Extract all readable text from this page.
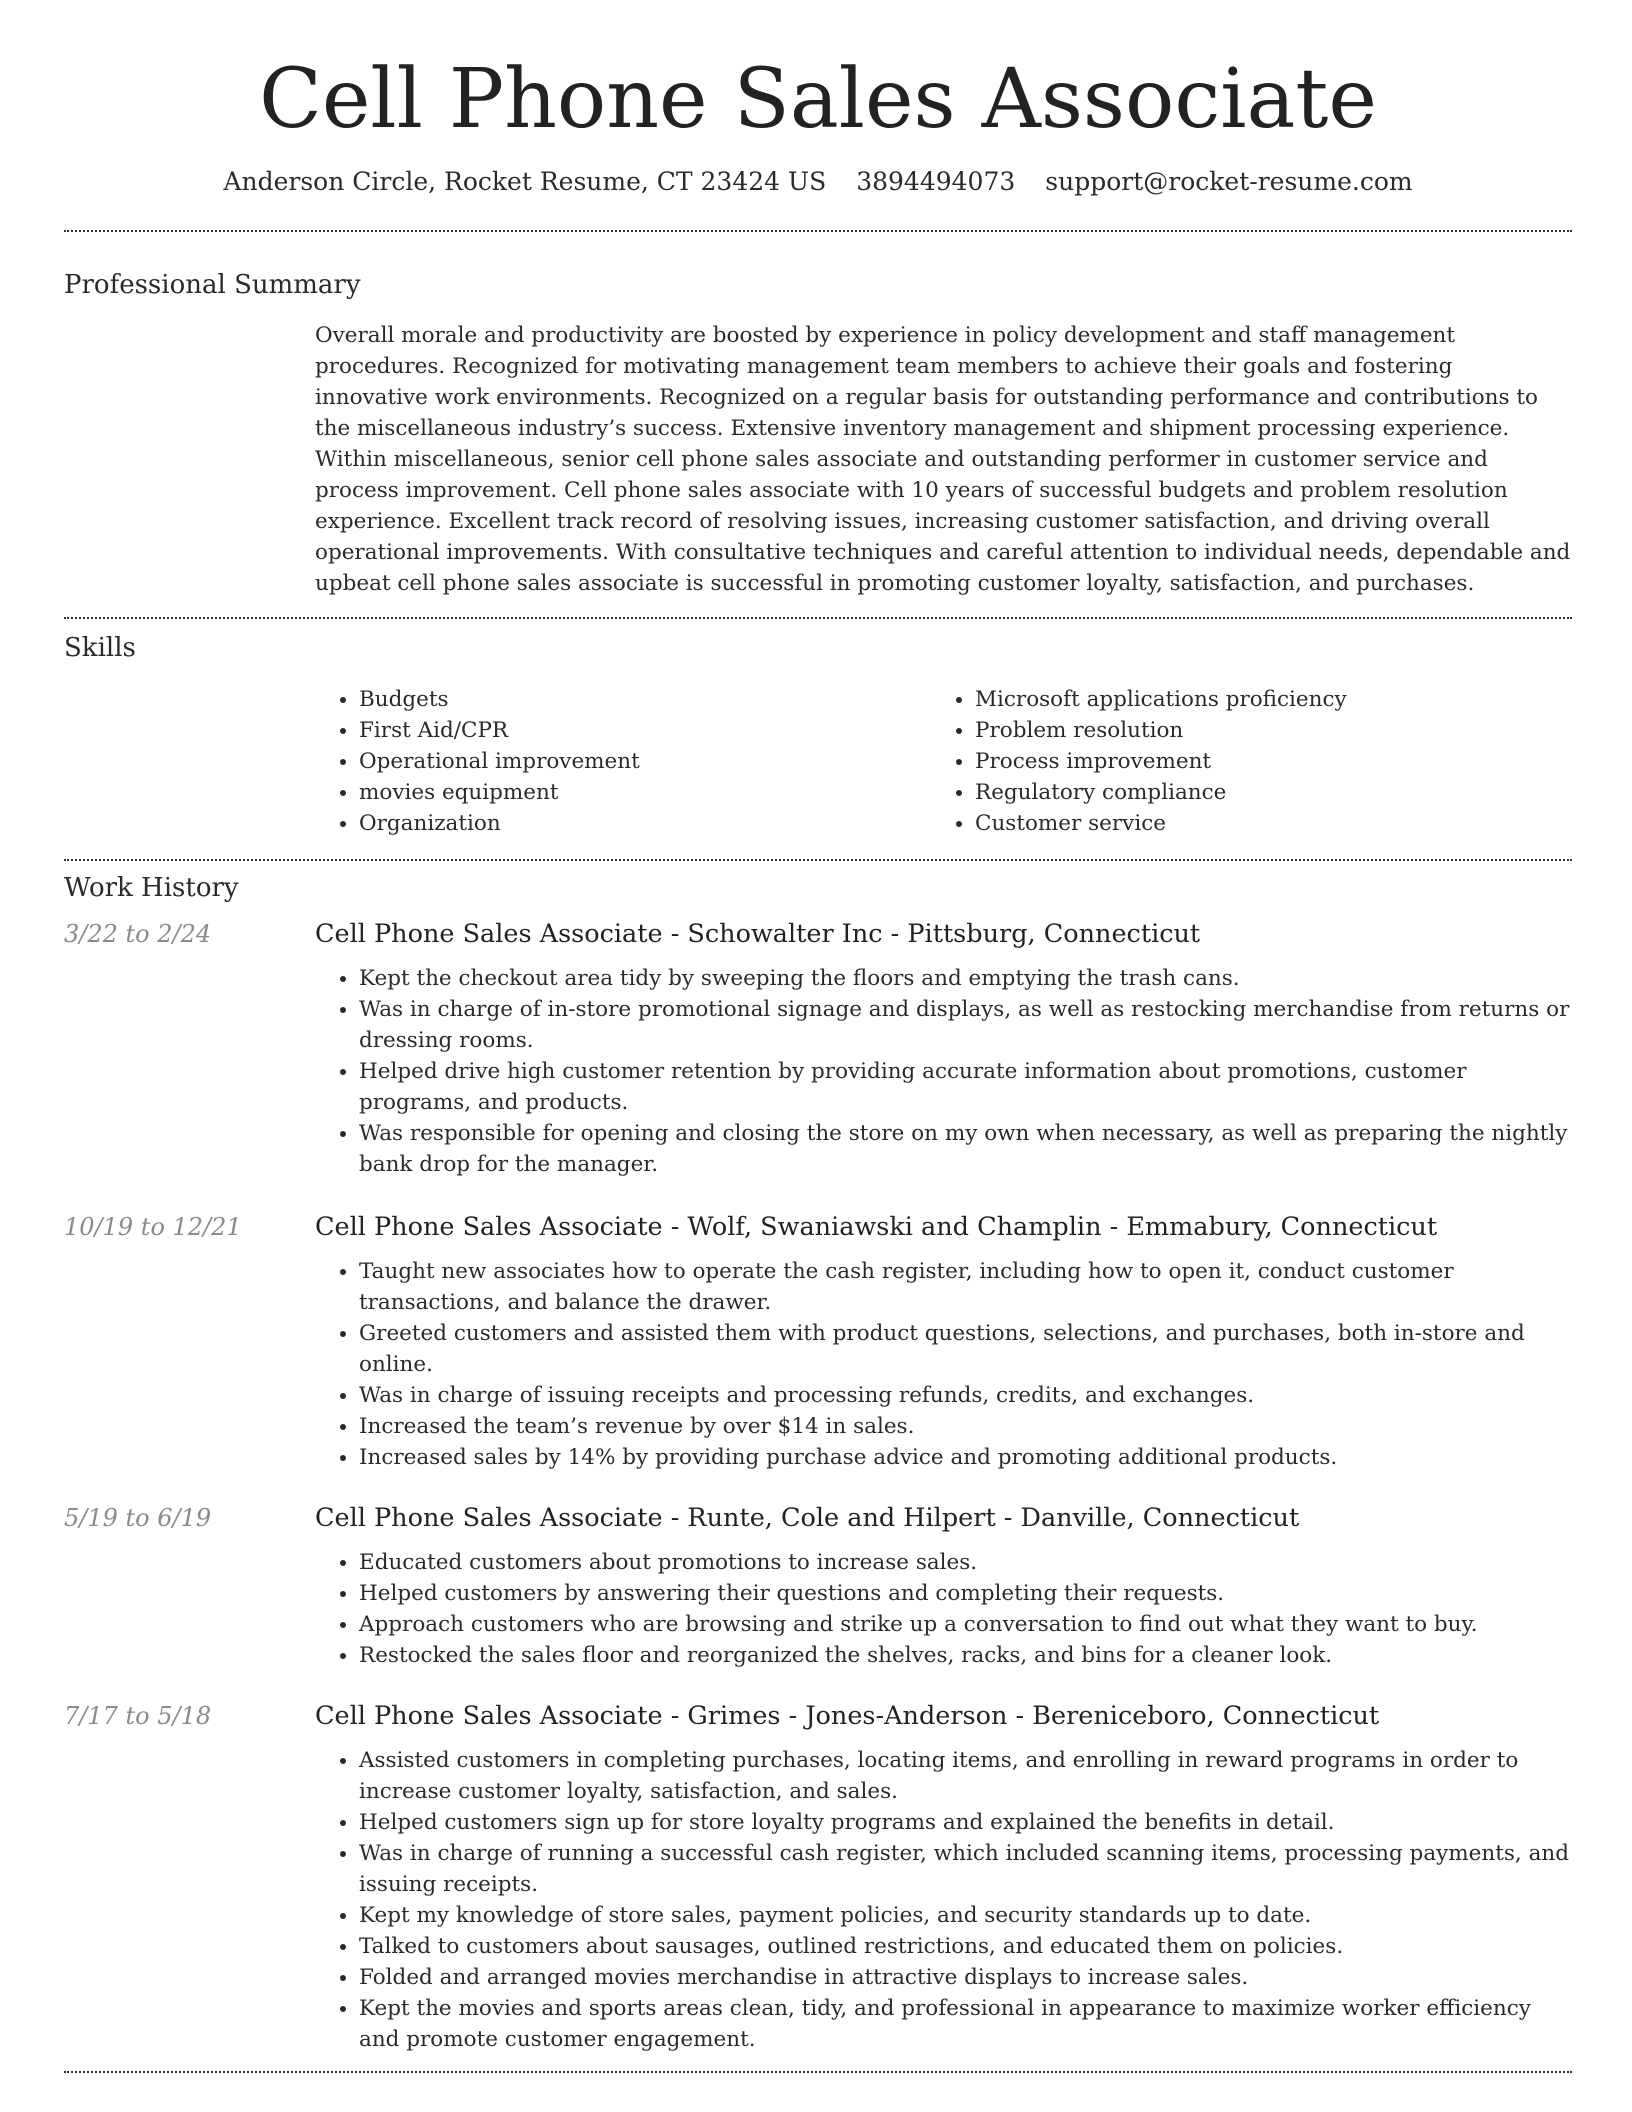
Cell Phone Sales Associate
Anderson Circle, Rocket Resume, CT 23424 US 3894494073 support@rocket-resume.com
Professional Summary
Overall morale and productivity are boosted by experience in policy development and staff management procedures. Recognized for motivating management team members to achieve their goals and fostering innovative work environments. Recognized on a regular basis for outstanding performance and contributions to the miscellaneous industry’s success. Extensive inventory management and shipment processing experience. Within miscellaneous, senior cell phone sales associate and outstanding performer in customer service and process improvement. Cell phone sales associate with 10 years of successful budgets and problem resolution experience. Excellent track record of resolving issues, increasing customer satisfaction, and driving overall operational improvements. With consultative techniques and careful attention to individual needs, dependable and upbeat cell phone sales associate is successful in promoting customer loyalty, satisfaction, and purchases.
Skills
• Budgets
• First Aid/CPR
• Operational improvement
• movies equipment
• Organization
• Microsoft applications proficiency
• Problem resolution
• Process improvement
• Regulatory compliance
• Customer service
Work History
3/22 to 2/24	Cell Phone Sales Associate - Schowalter Inc - Pittsburg, Connecticut
• Kept the checkout area tidy by sweeping the floors and emptying the trash cans.
• Was in charge of in-store promotional signage and displays, as well as restocking merchandise from returns or dressing rooms.
• Helped drive high customer retention by providing accurate information about promotions, customer programs, and products.
• Was responsible for opening and closing the store on my own when necessary, as well as preparing the nightly bank drop for the manager.
10/19 to 12/21	Cell Phone Sales Associate - Wolf, Swaniawski and Champlin - Emmabury, Connecticut
• Taught new associates how to operate the cash register, including how to open it, conduct customer transactions, and balance the drawer.
• Greeted customers and assisted them with product questions, selections, and purchases, both in-store and online.
• Was in charge of issuing receipts and processing refunds, credits, and exchanges.
• Increased the team’s revenue by over $14 in sales.
• Increased sales by 14% by providing purchase advice and promoting additional products.
5/19 to 6/19	Cell Phone Sales Associate - Runte, Cole and Hilpert - Danville, Connecticut
• Educated customers about promotions to increase sales.
• Helped customers by answering their questions and completing their requests.
• Approach customers who are browsing and strike up a conversation to find out what they want to buy.
• Restocked the sales floor and reorganized the shelves, racks, and bins for a cleaner look.
7/17 to 5/18	Cell Phone Sales Associate - Grimes - Jones-Anderson - Bereniceboro, Connecticut
• Assisted customers in completing purchases, locating items, and enrolling in reward programs in order to increase customer loyalty, satisfaction, and sales.
• Helped customers sign up for store loyalty programs and explained the benefits in detail.
• Was in charge of running a successful cash register, which included scanning items, processing payments, and issuing receipts.
• Kept my knowledge of store sales, payment policies, and security standards up to date.
• Talked to customers about sausages, outlined restrictions, and educated them on policies.
• Folded and arranged movies merchandise in attractive displays to increase sales.
• Kept the movies and sports areas clean, tidy, and professional in appearance to maximize worker efficiency and promote customer engagement.
